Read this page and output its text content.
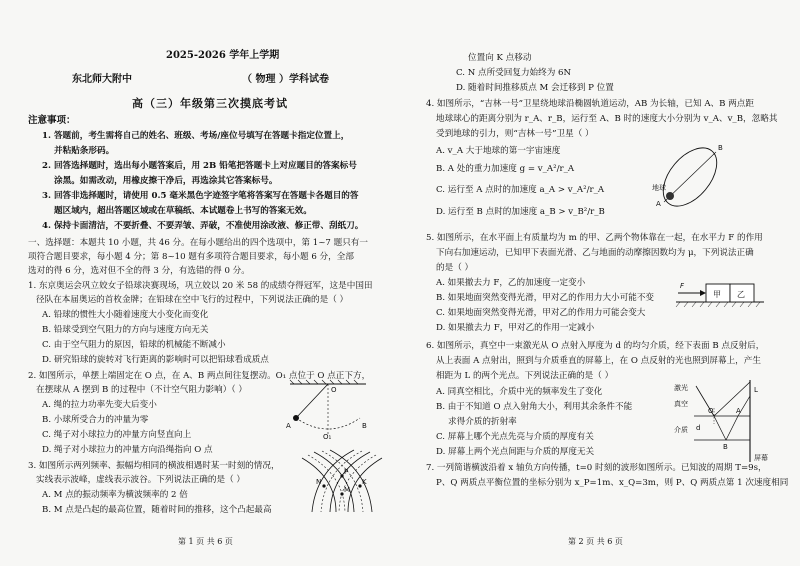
2025-2026 学年上学期
东北师大附中	（ 物理 ）学科试卷
高（三）年级第三次摸底考试
注意事项：
1. 答题前，考生需将自己的姓名、班级、考场/座位号填写在答题卡指定位置上，
并粘贴条形码。
2. 回答选择题时，选出每小题答案后，用 2B 铅笔把答题卡上对应题目的答案标号
涂黑。如需改动，用橡皮擦干净后，再选涂其它答案标号。
3. 回答非选择题时，请使用 0.5 毫米黑色字迹签字笔将答案写在答题卡各题目的答
题区域内，超出答题区域或在草稿纸、本试题卷上书写的答案无效。
4. 保持卡面清洁，不要折叠、不要弄皱、弄破，不准使用涂改液、修正带、刮纸刀。
一、选择题：本题共 10 小题，共 46 分。在每小题给出的四个选项中，第 1~7 题只有一
项符合题目要求，每小题 4 分；第 8~10 题有多项符合题目要求，每小题 6 分，全部
选对的得 6 分，选对但不全的得 3 分，有选错的得 0 分。
1. 东京奥运会巩立姣女子铅球决赛现场，巩立姣以 20 米 58 的成绩夺得冠军，这是中国田
径队在本届奥运的首枚金牌；在铅球在空中飞行的过程中，下列说法正确的是（ ）
A. 铅球的惯性大小随着速度大小变化而变化
B. 铅球受到空气阻力的方向与速度方向无关
C. 由于空气阻力的原因，铅球的机械能不断减小
D. 研究铅球的旋转对飞行距离的影响时可以把铅球看成质点
2. 如图所示，单摆上端固定在 O 点，在 A、B 两点间往复摆动。O₁ 点位于 O 点正下方，
在摆球从 A 摆到 B 的过程中（不计空气阻力影响）（ ）
A. 绳的拉力功率先变大后变小
B. 小球所受合力的冲量为零
C. 绳子对小球拉力的冲量方向竖直向上
D. 绳子对小球拉力的冲量方向沿绳指向 O 点
O
A	B
O₁
3. 如图所示两列频率、振幅均相同的横波相遇时某一时刻的情况，
实线表示波峰，虚线表示波谷。下列说法正确的是（ ）
A. M 点的振动频率为横波频率的 2 倍
B. M 点是凸起的最高位置，随着时间的推移，这个凸起最高
P
M
N	K
第 1 页 共 6 页
位置向 K 点移动
C. N 点所受回复力始终为 6N
D. 随着时间推移质点 M 会迁移到 P 位置
4. 如图所示，“吉林一号”卫星绕地球沿椭圆轨道运动，AB 为长轴，已知 A、B 两点距
地球球心的距离分别为 r_A、r_B，运行至 A、B 时的速度大小分别为 v_A、v_B，忽略其
受到地球的引力，则“吉林一号”卫星（ ）
A. v_A 大于地球的第一宇宙速度
B. A 处的重力加速度 g = v_A²/r_A
C. 运行至 A 点时的加速度 a_A > v_A²/r_A
D. 运行至 B 点时的加速度 a_B > v_B²/r_B
A
B
地球
5. 如图所示，在水平面上有质量均为 m 的甲、乙两个物体靠在一起，在水平力 F 的作用
下向右加速运动，已知甲下表面光滑、乙与地面的动摩擦因数均为 μ，下列说法正确
的是（ ）
A. 如果撤去力 F，乙的加速度一定变小
B. 如果地面突然变得光滑，甲对乙的作用力大小可能不变
C. 如果地面突然变得光滑，甲对乙的作用力可能会变大
D. 如果撤去力 F，甲对乙的作用一定减小
F
甲 乙
6. 如图所示，真空中一束激光从 O 点射入厚度为 d 的均匀介质，经下表面 B 点反射后，
从上表面 A 点射出，照到与介质垂直的屏幕上，在 O 点反射的光也照到屏幕上，产生
相距为 L 的两个光点。下列说法正确的是（ ）
A. 同真空相比，介质中光的频率发生了变化
B. 由于不知道 O 点入射角大小，利用其余条件不能
求得介质的折射率
C. 屏幕上哪个光点先亮与介质的厚度有关
D. 屏幕上两个光点间距与介质的厚度无关
激光
真空
介质
屏幕
O	A
B
d
L
7. 一列简谐横波沿着 x 轴负方向传播，t=0 时刻的波形如图所示。已知波的周期 T=9s，
P、Q 两质点平衡位置的坐标分别为 x_P=1m、x_Q=3m，则 P、Q 两质点第 1 次速度相同
第 2 页 共 6 页
